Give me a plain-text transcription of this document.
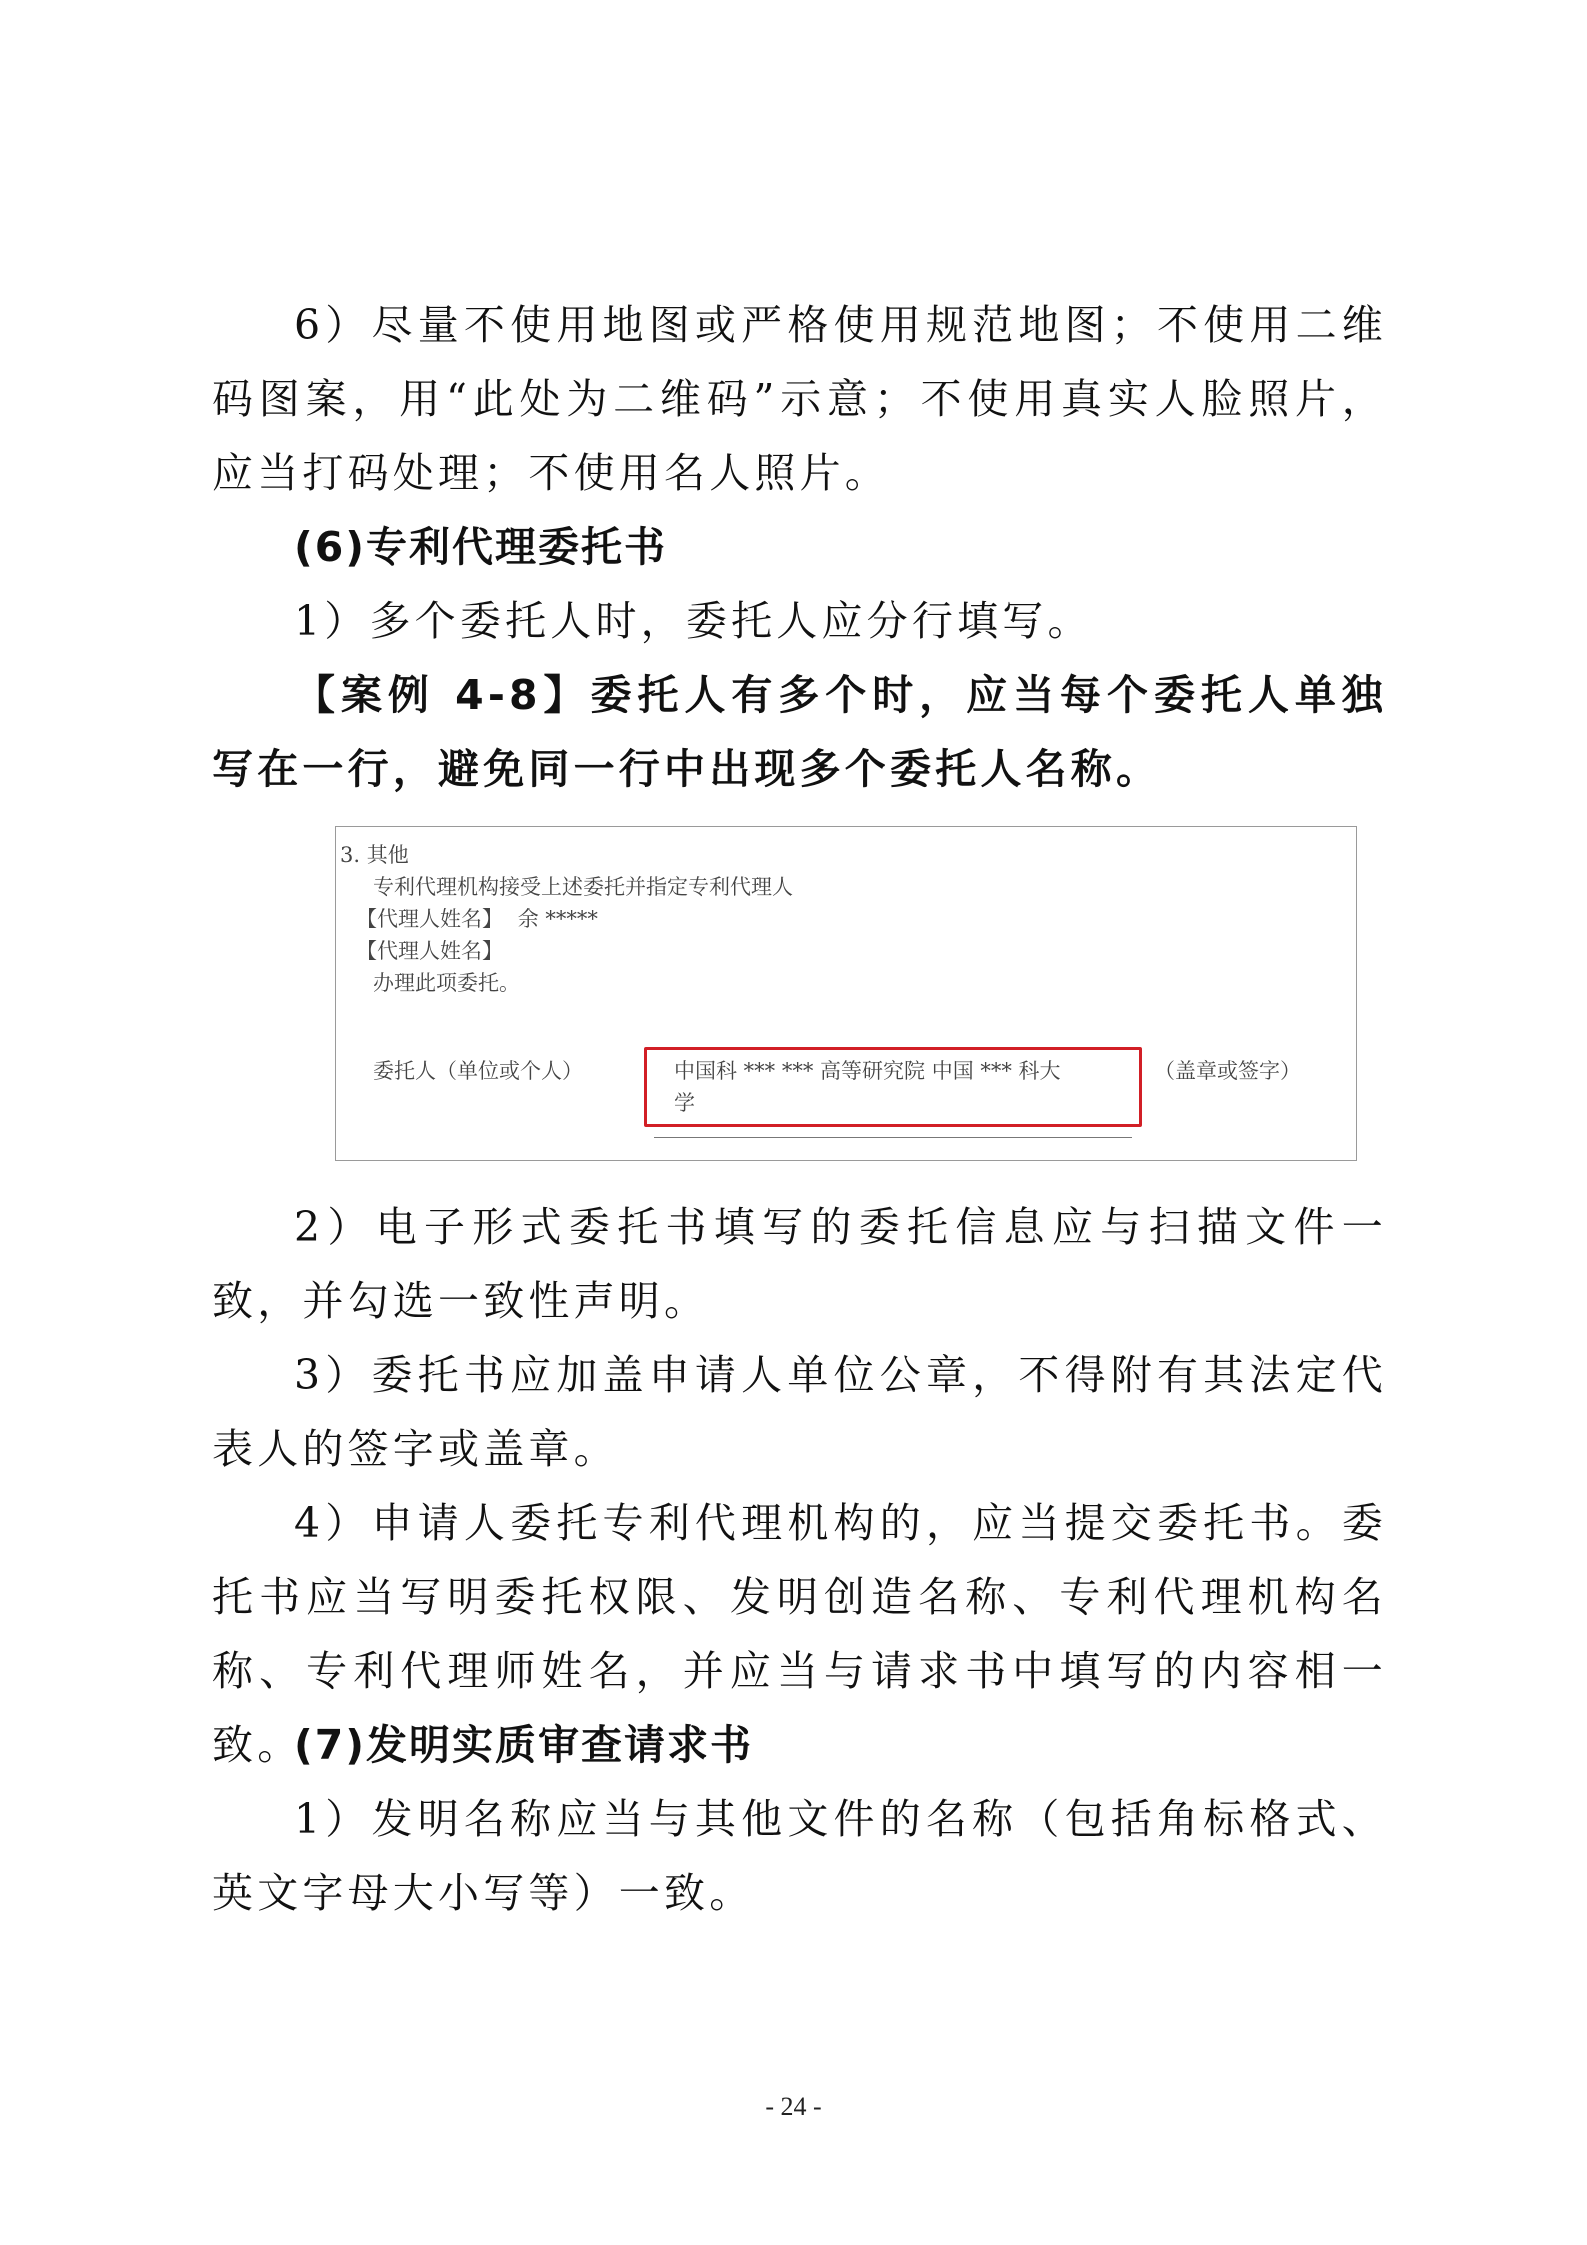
6）尽量不使用地图或严格使用规范地图；不使用二维码图案，用“此处为二维码”示意；不使用真实人脸照片，应当打码处理；不使用名人照片。

(6)专利代理委托书

1）多个委托人时，委托人应分行填写。

【案例 4-8】委托人有多个时，应当每个委托人单独写在一行，避免同一行中出现多个委托人名称。

3. 其他
专利代理机构接受上述委托并指定专利代理人
【代理人姓名】 余 *****
【代理人姓名】
办理此项委托。
委托人（单位或个人）	中国科 *** *** 高等研究院 中国 *** 科大
学
（盖章或签字）

2）电子形式委托书填写的委托信息应与扫描文件一致，并勾选一致性声明。

3）委托书应加盖申请人单位公章，不得附有其法定代表人的签字或盖章。

4）申请人委托专利代理机构的，应当提交委托书。委托书应当写明委托权限、发明创造名称、专利代理机构名称、专利代理师姓名，并应当与请求书中填写的内容相一致。

(7)发明实质审查请求书

1）发明名称应当与其他文件的名称（包括角标格式、英文字母大小写等）一致。

- 24 -
